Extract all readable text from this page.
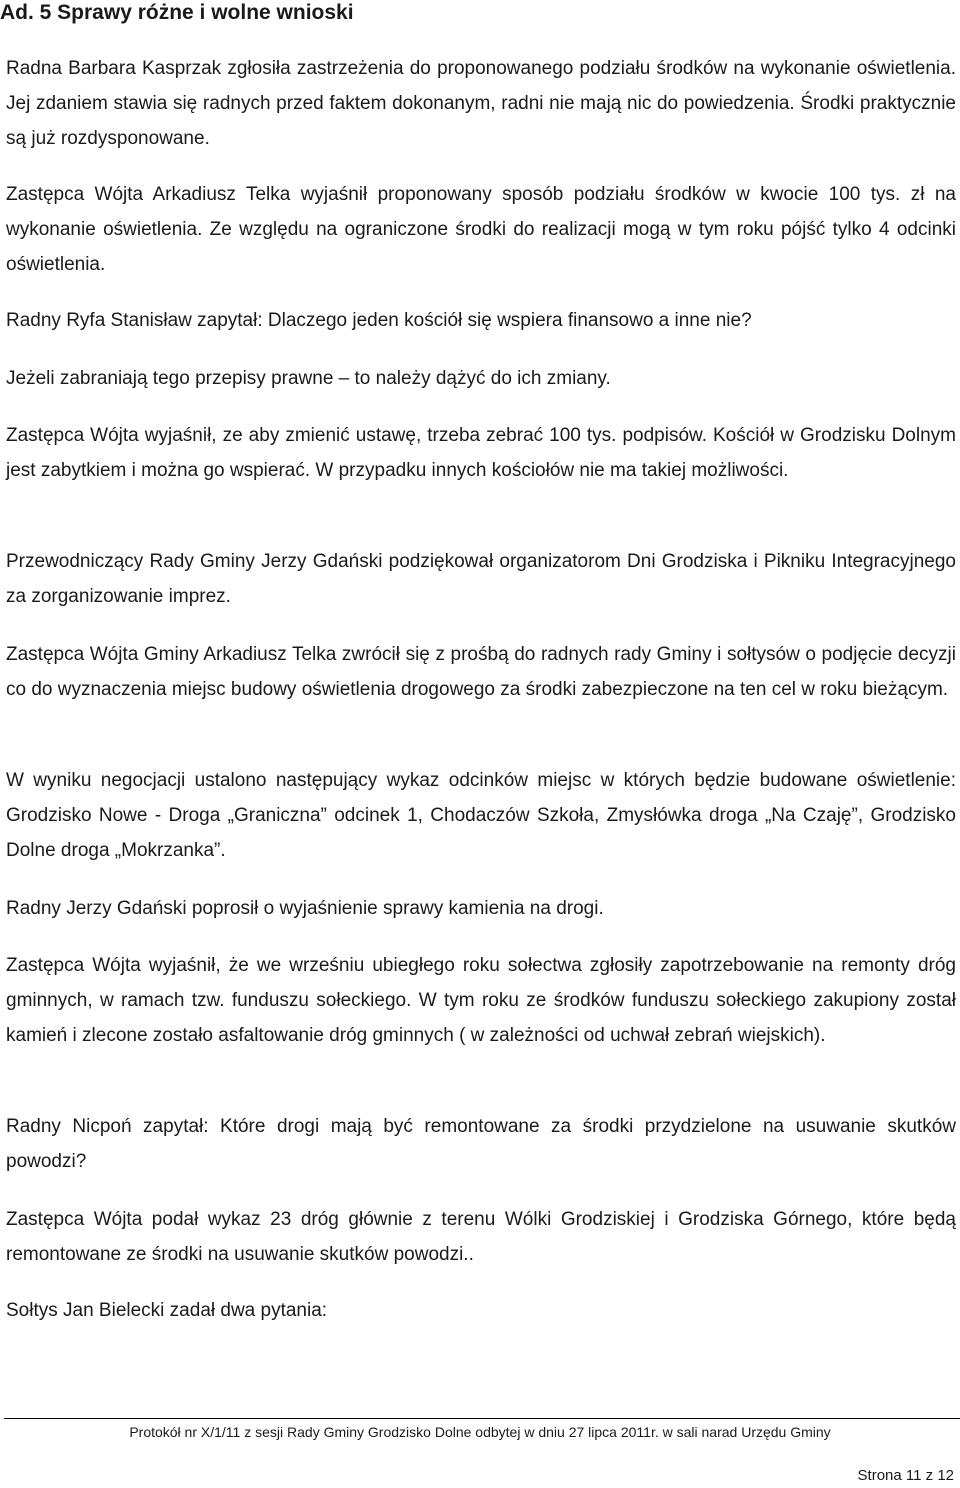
Ad. 5 Sprawy różne i wolne wnioski

Radna Barbara Kasprzak zgłosiła zastrzeżenia do proponowanego podziału środków na wykonanie oświetlenia. Jej zdaniem stawia się radnych przed faktem dokonanym, radni nie mają nic do powiedzenia. Środki praktycznie są już rozdysponowane.

Zastępca Wójta Arkadiusz Telka wyjaśnił proponowany sposób podziału środków w kwocie 100 tys. zł na wykonanie oświetlenia. Ze względu na ograniczone środki do realizacji mogą w tym roku pójść tylko 4 odcinki oświetlenia.

Radny Ryfa Stanisław zapytał: Dlaczego jeden kościół się wspiera finansowo a inne nie?

Jeżeli zabraniają tego przepisy prawne – to należy dążyć do ich zmiany.

Zastępca Wójta wyjaśnił, ze aby zmienić ustawę, trzeba zebrać 100 tys. podpisów. Kościół w Grodzisku Dolnym jest zabytkiem i można go wspierać. W przypadku innych kościołów nie ma takiej możliwości.

Przewodniczący Rady Gminy Jerzy Gdański podziękował organizatorom Dni Grodziska i Pikniku Integracyjnego za zorganizowanie imprez.

Zastępca Wójta Gminy Arkadiusz Telka zwrócił się z prośbą do radnych rady Gminy i sołtysów o podjęcie decyzji co do wyznaczenia miejsc budowy oświetlenia drogowego za środki zabezpieczone na ten cel w roku bieżącym.

W wyniku negocjacji ustalono następujący wykaz odcinków miejsc w których będzie budowane oświetlenie: Grodzisko Nowe - Droga „Graniczna” odcinek 1, Chodaczów Szkoła, Zmysłówka droga „Na Czaję”, Grodzisko Dolne droga „Mokrzanka”.

Radny Jerzy Gdański poprosił o wyjaśnienie sprawy kamienia na drogi.

Zastępca Wójta wyjaśnił, że we wrześniu ubiegłego roku sołectwa zgłosiły zapotrzebowanie na remonty dróg gminnych, w ramach tzw. funduszu sołeckiego. W tym roku ze środków funduszu sołeckiego zakupiony został kamień i zlecone zostało asfaltowanie dróg gminnych ( w zależności od uchwał zebrań wiejskich).

Radny Nicpoń zapytał: Które drogi mają być remontowane za środki przydzielone na usuwanie skutków powodzi?

Zastępca Wójta podał wykaz 23 dróg głównie z terenu Wólki Grodziskiej i Grodziska Górnego, które będą remontowane ze środki na usuwanie skutków powodzi..

Sołtys Jan Bielecki zadał dwa pytania:

Protokół nr X/1/11 z sesji Rady Gminy Grodzisko Dolne odbytej w dniu 27 lipca 2011r. w sali narad Urzędu Gminy
Strona 11 z 12
